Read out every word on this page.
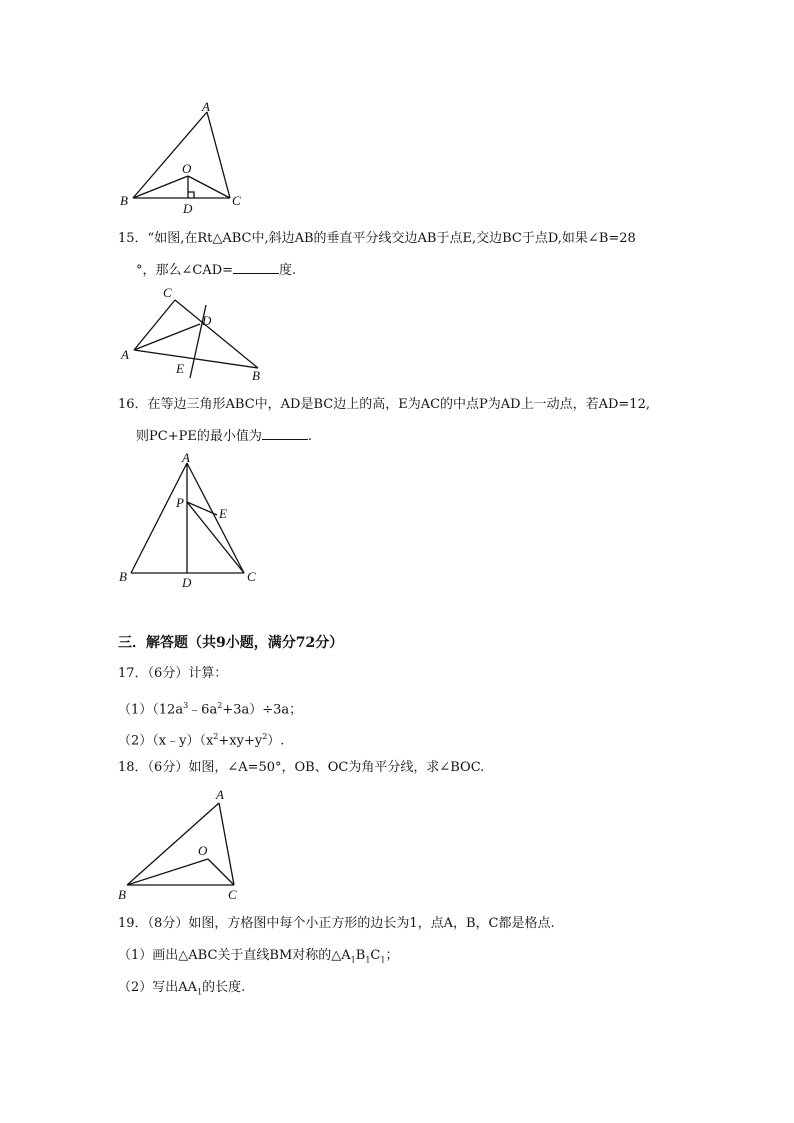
A
B	C
O
D
15．“如图,在Rt△ABC中,斜边AB的垂直平分线交边AB于点E,交边BC于点D,如果∠B=28
°，那么∠CAD=	度.
C
D
A
E	B
16．在等边三角形ABC中，AD是BC边上的高，E为AC的中点P为AD上一动点，若AD=12,
则PC+PE的最小值为	.
A
P
E
B	D	C
三．解答题（共9小题，满分72分）
17．（6分）计算：
$(1)(12a^3﹣6a^2+3a)\div 3a$；
$(2)(x﹣y)(x^2+xy+y^2)$.
18．（6分）如图，∠A=50°，OB、OC为角平分线，求∠BOC.
A
O
B	C
19．（8分）如图，方格图中每个小正方形的边长为1，点A，B，C都是格点.
（1）画出△ABC关于直线BM对称的$\triangle A_1B_1C_1$；
（2）写出$AA_1$的长度.
